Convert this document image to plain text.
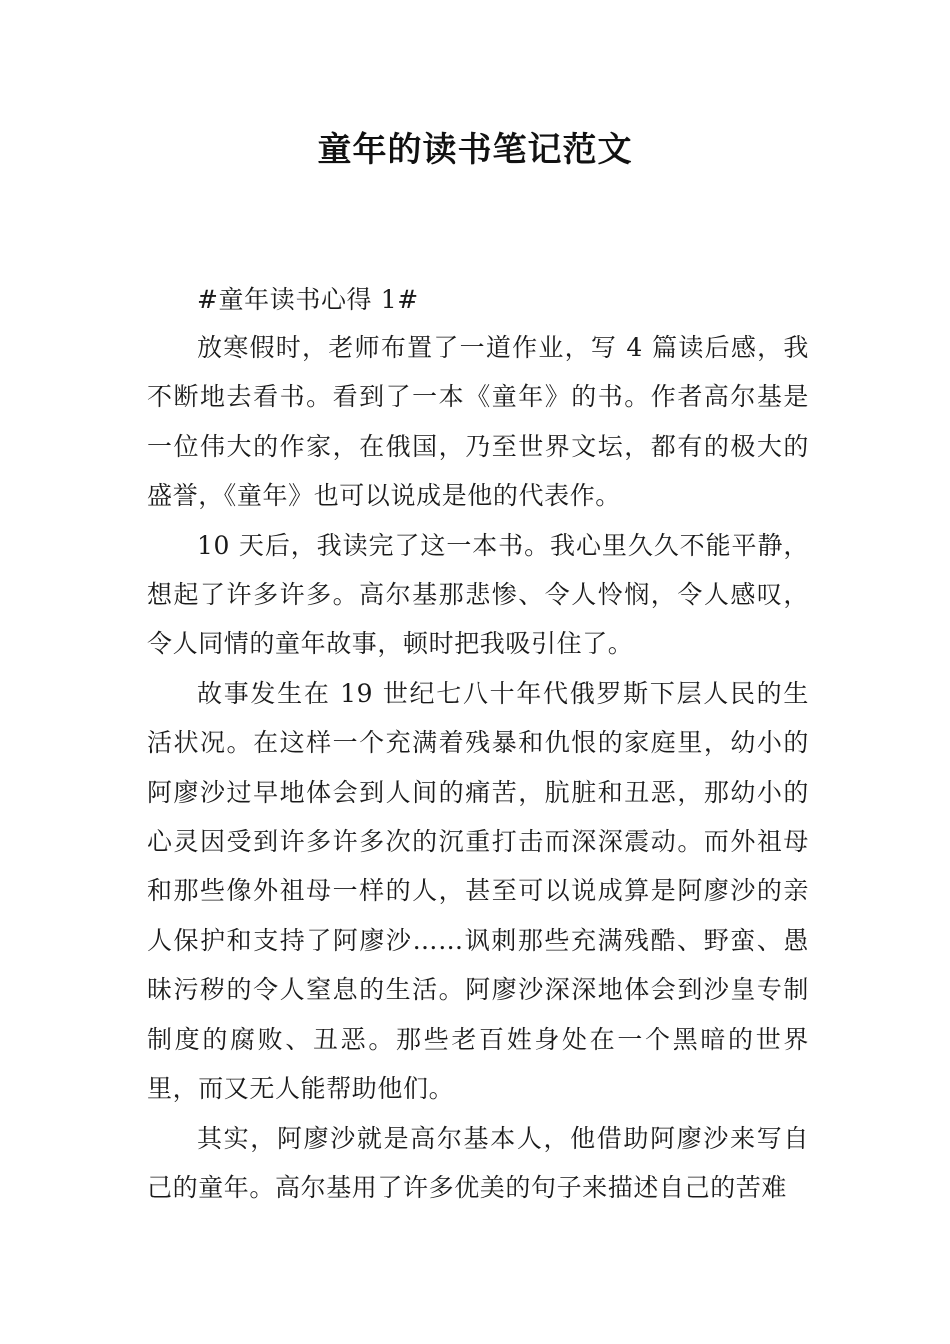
童年的读书笔记范文

#童年读书心得 1#

放寒假时，老师布置了一道作业，写 4 篇读后感，我不断地去看书。看到了一本《童年》的书。作者高尔基是一位伟大的作家，在俄国，乃至世界文坛，都有的极大的盛誉，《童年》也可以说成是他的代表作。

10 天后，我读完了这一本书。我心里久久不能平静，想起了许多许多。高尔基那悲惨、令人怜悯，令人感叹，令人同情的童年故事，顿时把我吸引住了。

故事发生在 19 世纪七八十年代俄罗斯下层人民的生活状况。在这样一个充满着残暴和仇恨的家庭里，幼小的阿廖沙过早地体会到人间的痛苦，肮脏和丑恶，那幼小的心灵因受到许多许多次的沉重打击而深深震动。而外祖母和那些像外祖母一样的人，甚至可以说成算是阿廖沙的亲人保护和支持了阿廖沙……讽刺那些充满残酷、野蛮、愚昧污秽的令人窒息的生活。阿廖沙深深地体会到沙皇专制制度的腐败、丑恶。那些老百姓身处在一个黑暗的世界里，而又无人能帮助他们。

其实，阿廖沙就是高尔基本人，他借助阿廖沙来写自己的童年。高尔基用了许多优美的句子来描述自己的苦难
